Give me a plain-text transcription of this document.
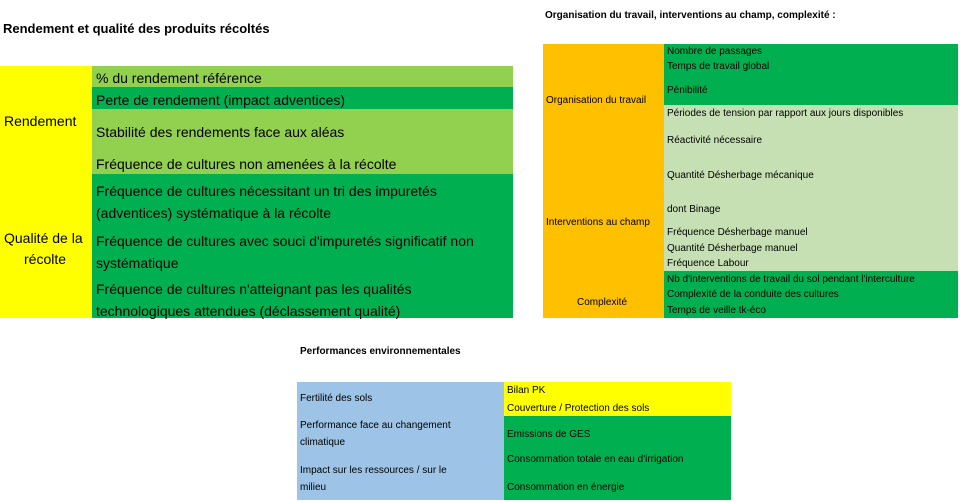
Rendement et qualité des produits récoltés
Rendement
Qualité de la
récolte
% du rendement référence
Perte de rendement (impact adventices)
Stabilité des rendements face aux aléas
Fréquence de cultures non amenées à la récolte
Fréquence de cultures nécessitant un tri des impuretés (adventices) systématique à la récolte
Fréquence de cultures avec souci d'impuretés significatif non systématique
Fréquence de cultures n'atteignant pas les qualités technologiques attendues (déclassement qualité)
Organisation du travail, interventions au champ, complexité :
Organisation du travail
Interventions au champ
Complexité
Nombre de passages
Temps de travail global
Pénibilité
Périodes de tension par rapport aux jours disponibles
Réactivité nécessaire
Quantité Désherbage mécanique
dont Binage
Fréquence Désherbage manuel
Quantité Désherbage manuel
Fréquence Labour
Nb d'interventions de travail du sol pendant l'interculture
Complexité de la conduite des cultures
Temps de veille tk-éco
Performances environnementales
Fertilité des sols
Performance face au changement
climatique
Impact sur les ressources / sur le
milieu
Bilan PK
Couverture / Protection des sols
Emissions de GES
Consommation totale en eau d'irrigation
Consommation en énergie
